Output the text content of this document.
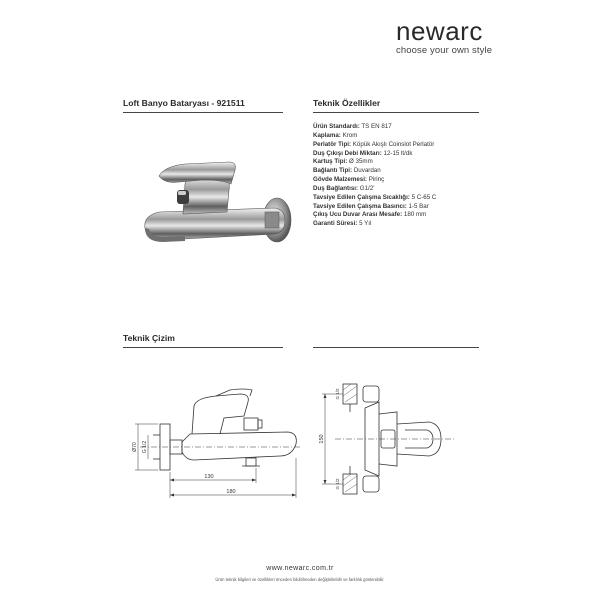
newarc
choose your own style
Loft Banyo Bataryası - 921511	Teknik Özellikler
Ürün Standardı: TS EN 817
Kaplama: Krom
Perlatör Tipi: Köpük Akışlı Coinslot Perlatör
Duş Çıkışı Debi Miktarı: 12-15 lt/dk
Kartuş Tipi: Ø 35mm
Bağlantı Tipi: Duvardan
Gövde Malzemesi: Pirinç
Duş Bağlantısı: G1/2'
Tavsiye Edilen Çalışma Sıcaklığı: 5 C-65 C
Tavsiye Edilen Çalışma Basıncı: 1-5 Bar
Çıkış Ucu Duvar Arası Mesafe: 180 mm
Garanti Süresi: 5 Yıl
Teknik Çizim
130
180
Ø70 G 1/2
150
G 1/2
G 1/2
www.newarc.com.tr
Ürün teknik bilgileri ve özellikleri önceden bildirilmeden değiştirilebilir ve farklılık gösterebilir.
